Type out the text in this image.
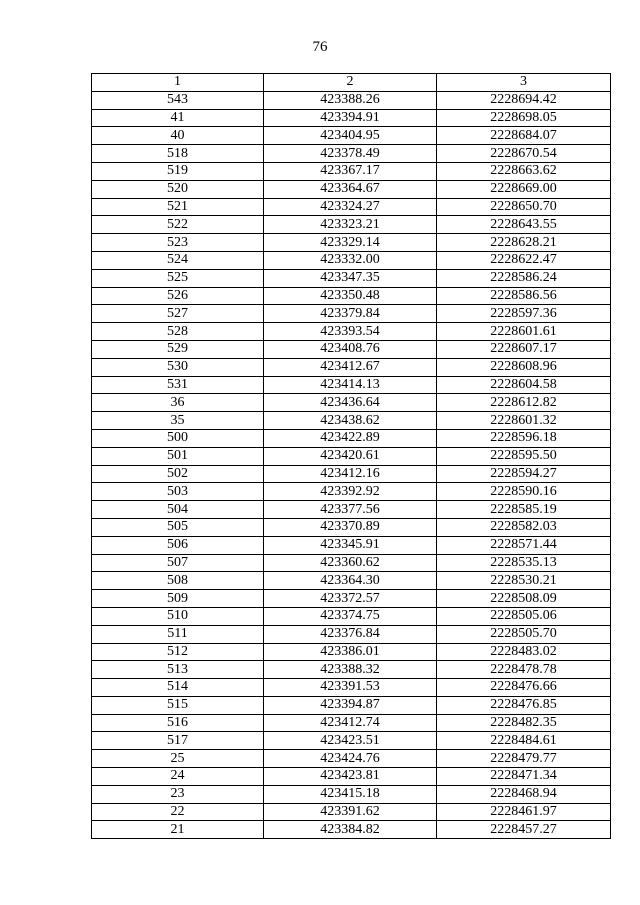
76
1	2	3
543	423388.26	2228694.42
41	423394.91	2228698.05
40	423404.95	2228684.07
518	423378.49	2228670.54
519	423367.17	2228663.62
520	423364.67	2228669.00
521	423324.27	2228650.70
522	423323.21	2228643.55
523	423329.14	2228628.21
524	423332.00	2228622.47
525	423347.35	2228586.24
526	423350.48	2228586.56
527	423379.84	2228597.36
528	423393.54	2228601.61
529	423408.76	2228607.17
530	423412.67	2228608.96
531	423414.13	2228604.58
36	423436.64	2228612.82
35	423438.62	2228601.32
500	423422.89	2228596.18
501	423420.61	2228595.50
502	423412.16	2228594.27
503	423392.92	2228590.16
504	423377.56	2228585.19
505	423370.89	2228582.03
506	423345.91	2228571.44
507	423360.62	2228535.13
508	423364.30	2228530.21
509	423372.57	2228508.09
510	423374.75	2228505.06
511	423376.84	2228505.70
512	423386.01	2228483.02
513	423388.32	2228478.78
514	423391.53	2228476.66
515	423394.87	2228476.85
516	423412.74	2228482.35
517	423423.51	2228484.61
25	423424.76	2228479.77
24	423423.81	2228471.34
23	423415.18	2228468.94
22	423391.62	2228461.97
21	423384.82	2228457.27
